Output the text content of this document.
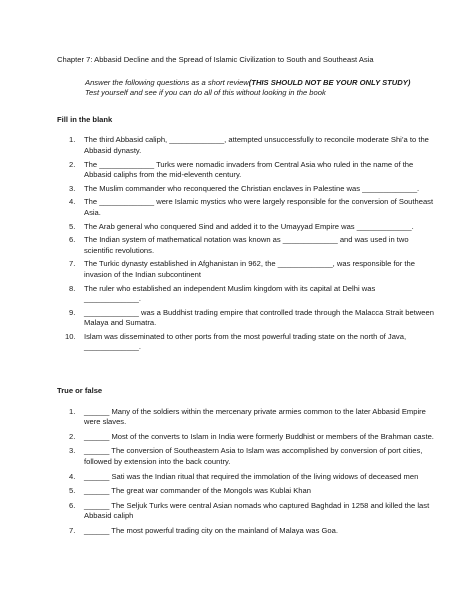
Chapter 7: Abbasid Decline and the Spread of Islamic Civilization to South and Southeast Asia

Answer the following questions as a short review(THIS SHOULD NOT BE YOUR ONLY STUDY)
Test yourself and see if you can do all of this without looking in the book

Fill in the blank

1.	The third Abbasid caliph, _____________, attempted unsuccessfully to reconcile moderate Shi’a to the Abbasid dynasty.
2.	The _____________ Turks were nomadic invaders from Central Asia who ruled in the name of the Abbasid caliphs from the mid-eleventh century.
3.	The Muslim commander who reconquered the Christian enclaves in Palestine was _____________.
4.	The _____________ were Islamic mystics who were largely responsible for the conversion of Southeast Asia.
5.	The Arab general who conquered Sind and added it to the Umayyad Empire was _____________.
6.	The Indian system of mathematical notation was known as _____________ and was used in two scientific revolutions.
7.	The Turkic dynasty established in Afghanistan in 962, the _____________, was responsible for the invasion of the Indian subcontinent
8.	The ruler who established an independent Muslim kingdom with its capital at Delhi was _____________.
9.	_____________ was a Buddhist trading empire that controlled trade through the Malacca Strait between Malaya and Sumatra.
10.	Islam was disseminated to other ports from the most powerful trading state on the north of Java, _____________.

True or false

1.	______ Many of the soldiers within the mercenary private armies common to the later Abbasid Empire were slaves.
2.	______ Most of the converts to Islam in India were formerly Buddhist or members of the Brahman caste.
3.	______ The conversion of Southeastern Asia to Islam was accomplished by conversion of port cities, followed by extension into the back country.
4.	______ Sati was the Indian ritual that required the immolation of the living widows of deceased men
5.	______ The great war commander of the Mongols was Kublai Khan
6.	______ The Seljuk Turks were central Asian nomads who captured Baghdad in 1258 and killed the last Abbasid caliph
7.	______ The most powerful trading city on the mainland of Malaya was Goa.
